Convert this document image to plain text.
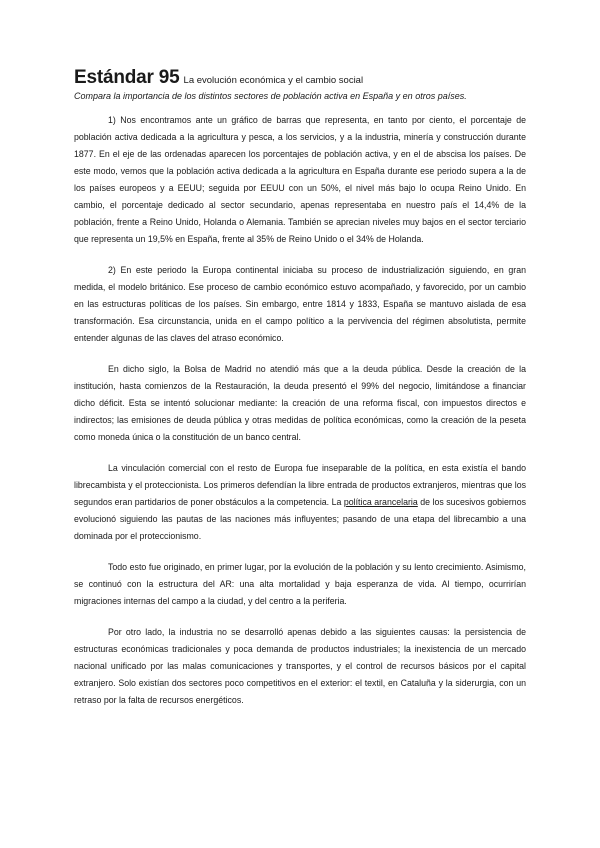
Estándar 95 La evolución económica y el cambio social

Compara la importancia de los distintos sectores de población activa en España y en otros países.

1) Nos encontramos ante un gráfico de barras que representa, en tanto por ciento, el porcentaje de población activa dedicada a la agricultura y pesca, a los servicios, y a la industria, minería y construcción durante 1877. En el eje de las ordenadas aparecen los porcentajes de población activa, y en el de abscisa los países. De este modo, vemos que la población activa dedicada a la agricultura en España durante ese periodo supera a la de los países europeos y a EEUU; seguida por EEUU con un 50%, el nivel más bajo lo ocupa Reino Unido. En cambio, el porcentaje dedicado al sector secundario, apenas representaba en nuestro país el 14,4% de la población, frente a Reino Unido, Holanda o Alemania. También se aprecian niveles muy bajos en el sector terciario que representa un 19,5% en España, frente al 35% de Reino Unido o el 34% de Holanda.

2) En este periodo la Europa continental iniciaba su proceso de industrialización siguiendo, en gran medida, el modelo británico. Ese proceso de cambio económico estuvo acompañado, y favorecido, por un cambio en las estructuras políticas de los países. Sin embargo, entre 1814 y 1833, España se mantuvo aislada de esa transformación. Esa circunstancia, unida en el campo político a la pervivencia del régimen absolutista, permite entender algunas de las claves del atraso económico.

En dicho siglo, la Bolsa de Madrid no atendió más que a la deuda pública. Desde la creación de la institución, hasta comienzos de la Restauración, la deuda presentó el 99% del negocio, limitándose a financiar dicho déficit. Esta se intentó solucionar mediante: la creación de una reforma fiscal, con impuestos directos e indirectos; las emisiones de deuda pública y otras medidas de política económicas, como la creación de la peseta como moneda única o la constitución de un banco central.

La vinculación comercial con el resto de Europa fue inseparable de la política, en esta existía el bando librecambista y el proteccionista. Los primeros defendían la libre entrada de productos extranjeros, mientras que los segundos eran partidarios de poner obstáculos a la competencia. La política arancelaria de los sucesivos gobiernos evolucionó siguiendo las pautas de las naciones más influyentes; pasando de una etapa del librecambio a una dominada por el proteccionismo.

Todo esto fue originado, en primer lugar, por la evolución de la población y su lento crecimiento. Asimismo, se continuó con la estructura del AR: una alta mortalidad y baja esperanza de vida. Al tiempo, ocurrirían migraciones internas del campo a la ciudad, y del centro a la periferia.

Por otro lado, la industria no se desarrolló apenas debido a las siguientes causas: la persistencia de estructuras económicas tradicionales y poca demanda de productos industriales; la inexistencia de un mercado nacional unificado por las malas comunicaciones y transportes, y el control de recursos básicos por el capital extranjero. Solo existían dos sectores poco competitivos en el exterior: el textil, en Cataluña y la siderurgia, con un retraso por la falta de recursos energéticos.
